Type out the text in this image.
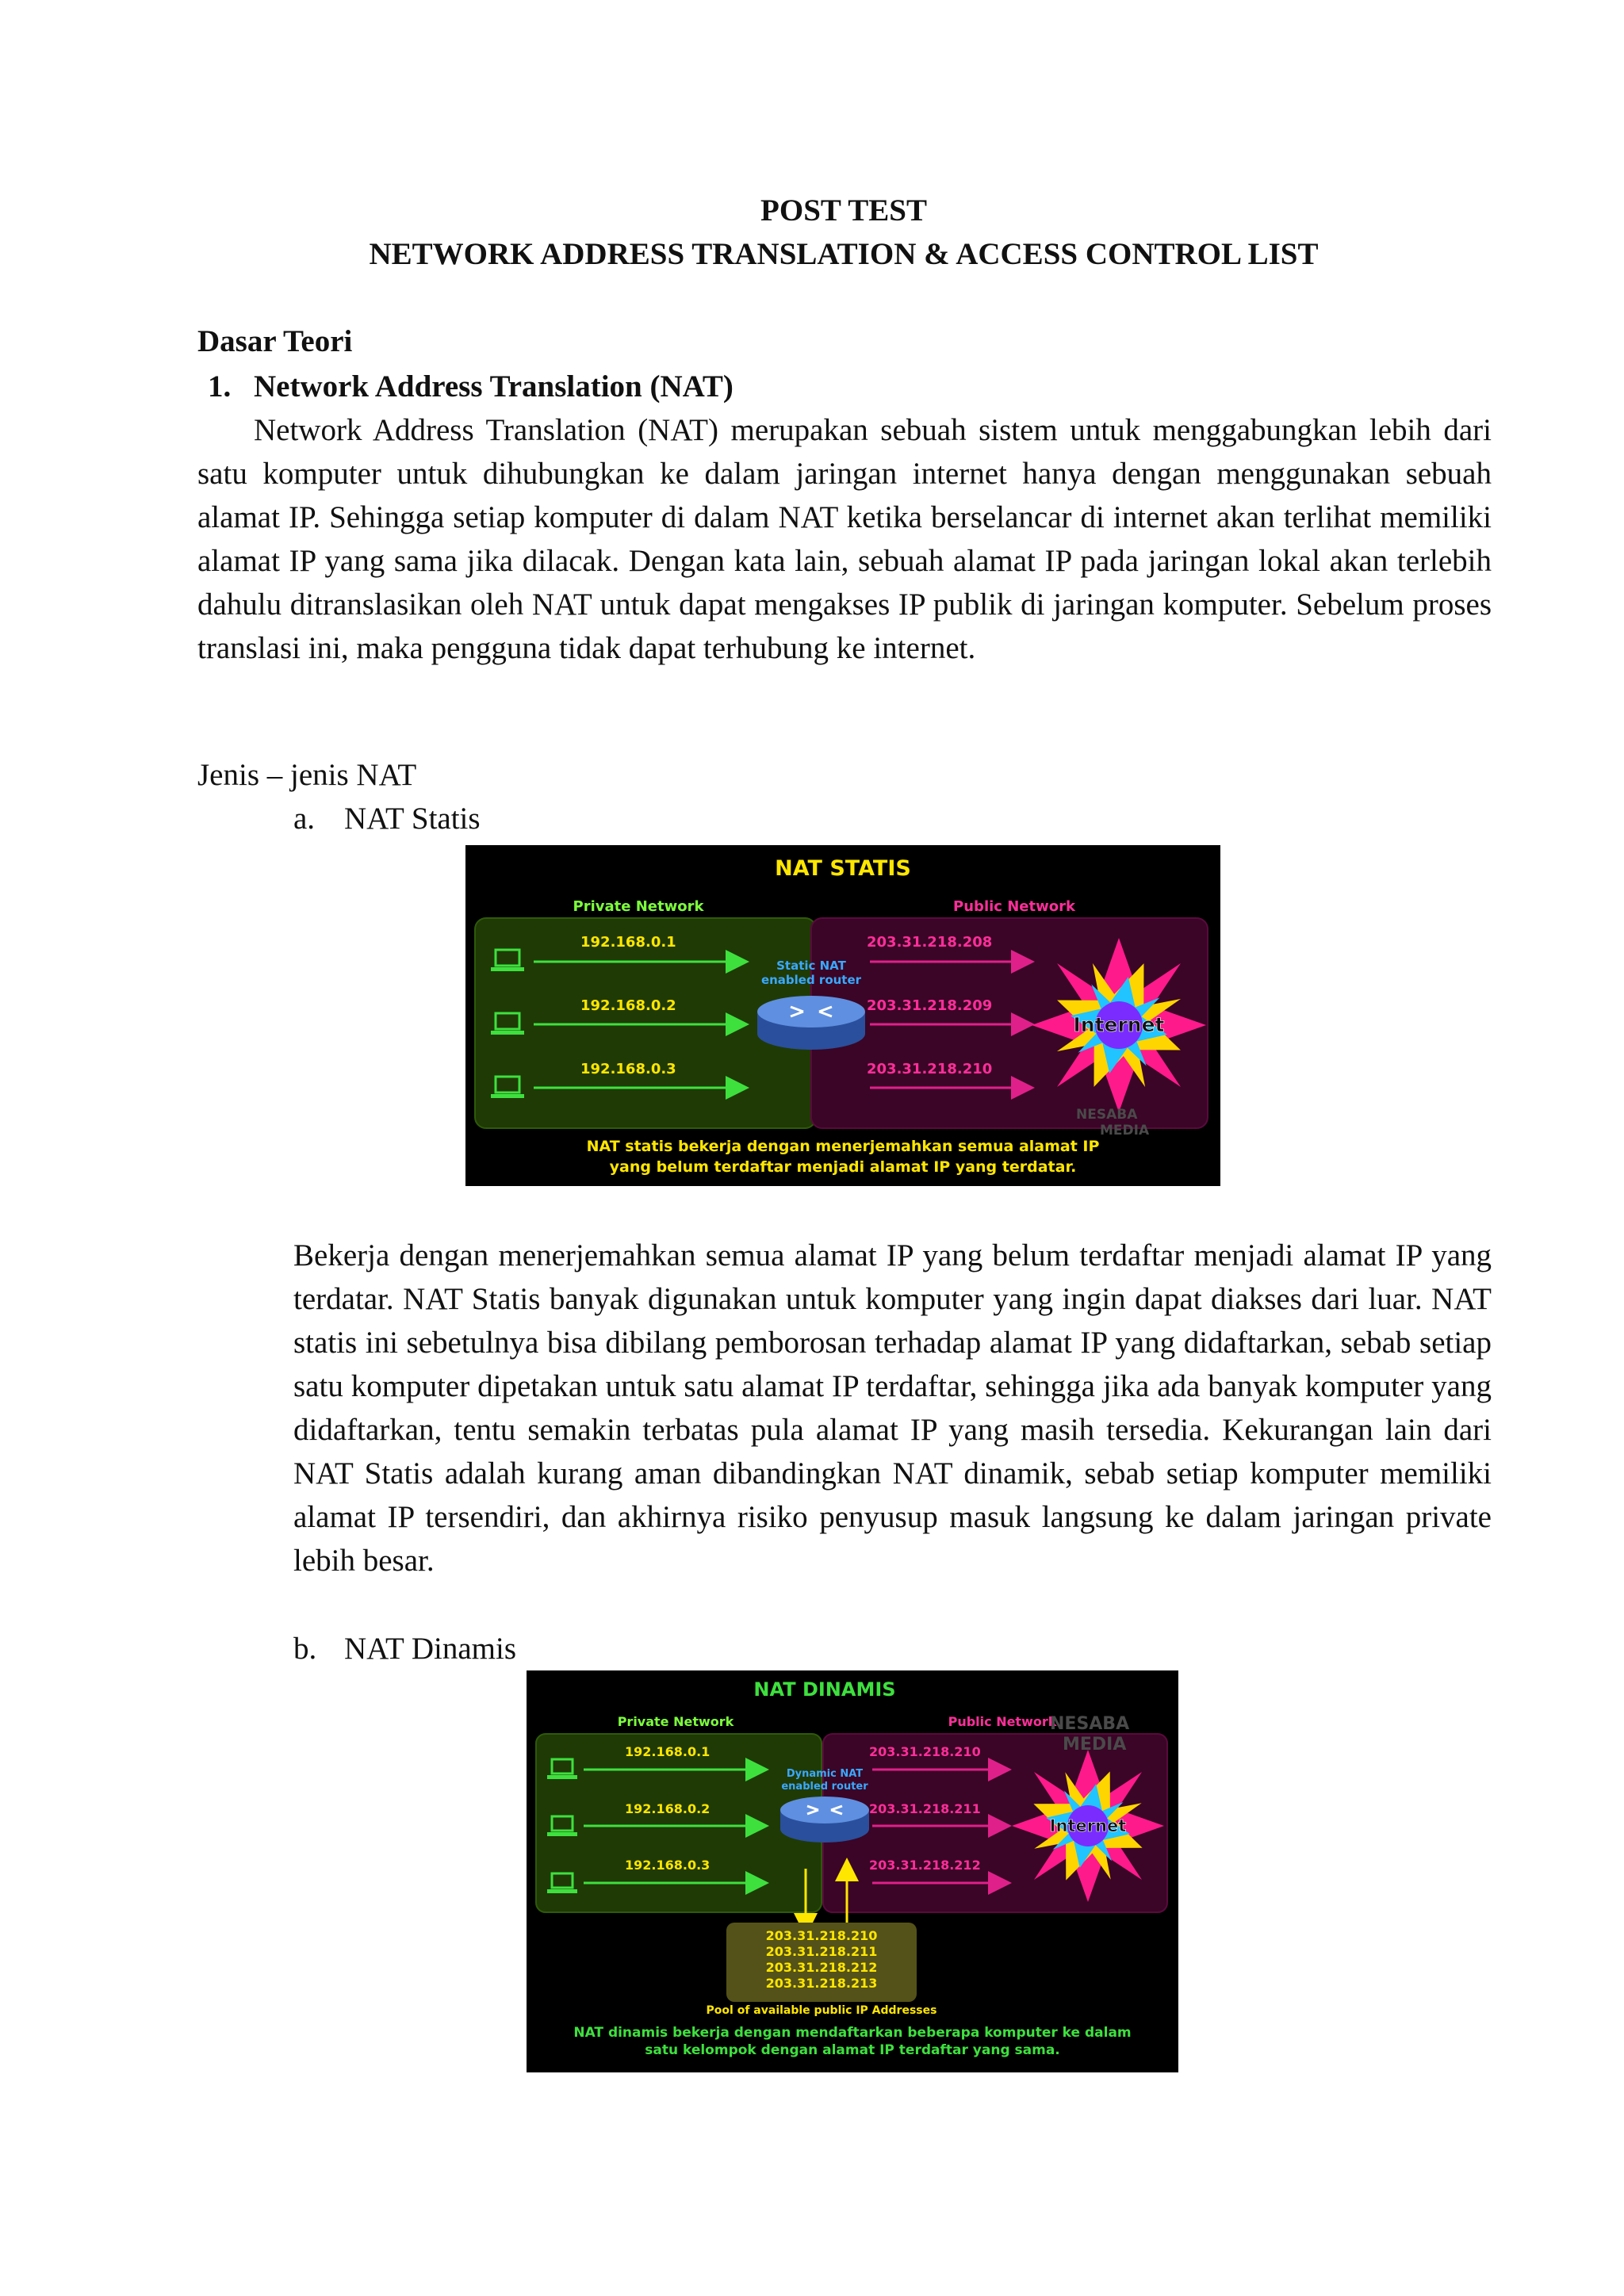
POST TEST
NETWORK ADDRESS TRANSLATION & ACCESS CONTROL LIST
Dasar Teori
1. Network Address Translation (NAT)
Network Address Translation (NAT) merupakan sebuah sistem untuk menggabungkan lebih dari satu komputer untuk dihubungkan ke dalam jaringan internet hanya dengan menggunakan sebuah alamat IP. Sehingga setiap komputer di dalam NAT ketika berselancar di internet akan terlihat memiliki alamat IP yang sama jika dilacak. Dengan kata lain, sebuah alamat IP pada jaringan lokal akan terlebih dahulu ditranslasikan oleh NAT untuk dapat mengakses IP publik di jaringan komputer. Sebelum proses translasi ini, maka pengguna tidak dapat terhubung ke internet.
Jenis – jenis NAT
a. NAT Statis
NAT STATIS
Private Network	Public Network
192.168.0.1
192.168.0.2
192.168.0.3
Static NAT
enabled router
203.31.218.208
203.31.218.209
203.31.218.210
Internet
NESABA
MEDIA
NAT statis bekerja dengan menerjemahkan semua alamat IP
yang belum terdaftar menjadi alamat IP yang terdatar.
Bekerja dengan menerjemahkan semua alamat IP yang belum terdaftar menjadi alamat IP yang terdatar. NAT Statis banyak digunakan untuk komputer yang ingin dapat diakses dari luar. NAT statis ini sebetulnya bisa dibilang pemborosan terhadap alamat IP yang didaftarkan, sebab setiap satu komputer dipetakan untuk satu alamat IP terdaftar, sehingga jika ada banyak komputer yang didaftarkan, tentu semakin terbatas pula alamat IP yang masih tersedia. Kekurangan lain dari NAT Statis adalah kurang aman dibandingkan NAT dinamik, sebab setiap komputer memiliki alamat IP tersendiri, dan akhirnya risiko penyusup masuk langsung ke dalam jaringan private lebih besar.
b. NAT Dinamis
NAT DINAMIS
Private Network	Public Network
192.168.0.1
192.168.0.2
192.168.0.3
Dynamic NAT
enabled router
203.31.218.210
203.31.218.211
203.31.218.212
Internet
NESABA
MEDIA
203.31.218.210
203.31.218.211
203.31.218.212
203.31.218.213
Pool of available public IP Addresses
NAT dinamis bekerja dengan mendaftarkan beberapa komputer ke dalam
satu kelompok dengan alamat IP terdaftar yang sama.
